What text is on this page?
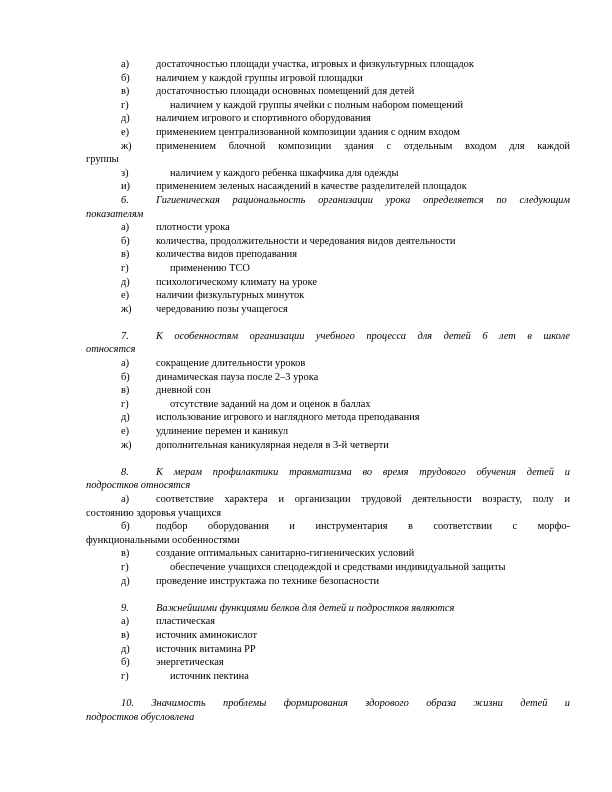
а)	достаточностью площади участка, игровых и физкультурных площадок
б)	наличием у каждой группы игровой площадки
в)	достаточностью площади основных помещений для детей
г)	наличием у каждой группы ячейки с полным набором помещений
д)	наличием игрового и спортивного оборудования
е)	применением централизованной композиции здания с одним входом
ж)	применением блочной композиции здания с отдельным входом для каждой
группы
з)	наличием у каждого ребенка шкафчика для одежды
и)	применением зеленых насаждений в качестве разделителей площадок
6.	Гигиеническая рациональность организации урока определяется по следующим
показателям
а)	плотности урока
б)	количества, продолжительности и чередования видов деятельности
в)	количества видов преподавания
г)	применению ТСО
д)	психологическому климату на уроке
е)	наличии физкультурных минуток
ж)	чередованию позы учащегося
7.	К особенностям организации учебного процесса для детей 6 лет в школе
относятся
а)	сокращение длительности уроков
б)	динамическая пауза после 2–3 урока
в)	дневной сон
г)	отсутствие заданий на дом и оценок в баллах
д)	использование игрового и наглядного метода преподавания
е)	удлинение перемен и каникул
ж)	дополнительная каникулярная неделя в 3-й четверти
8.	К мерам профилактики травматизма во время трудового обучения детей и
подростков относятся
а)	соответствие характера и организации трудовой деятельности возрасту, полу и
состоянию здоровья учащихся
б)	подбор оборудования и инструментария в соответствии с морфо-
функциональными особенностями
в)	создание оптимальных санитарно-гигиенических условий
г)	обеспечение учащихся спецодеждой и средствами индивидуальной защиты
д)	проведение инструктажа по технике безопасности
9.	Важнейшими функциями белков для детей и подростков являются
а)	пластическая
в)	источник аминокислот
д)	источник витамина РР
б)	энергетическая
г)	источник пектина
10. Значимость проблемы формирования здорового образа жизни детей и
подростков обусловлена
